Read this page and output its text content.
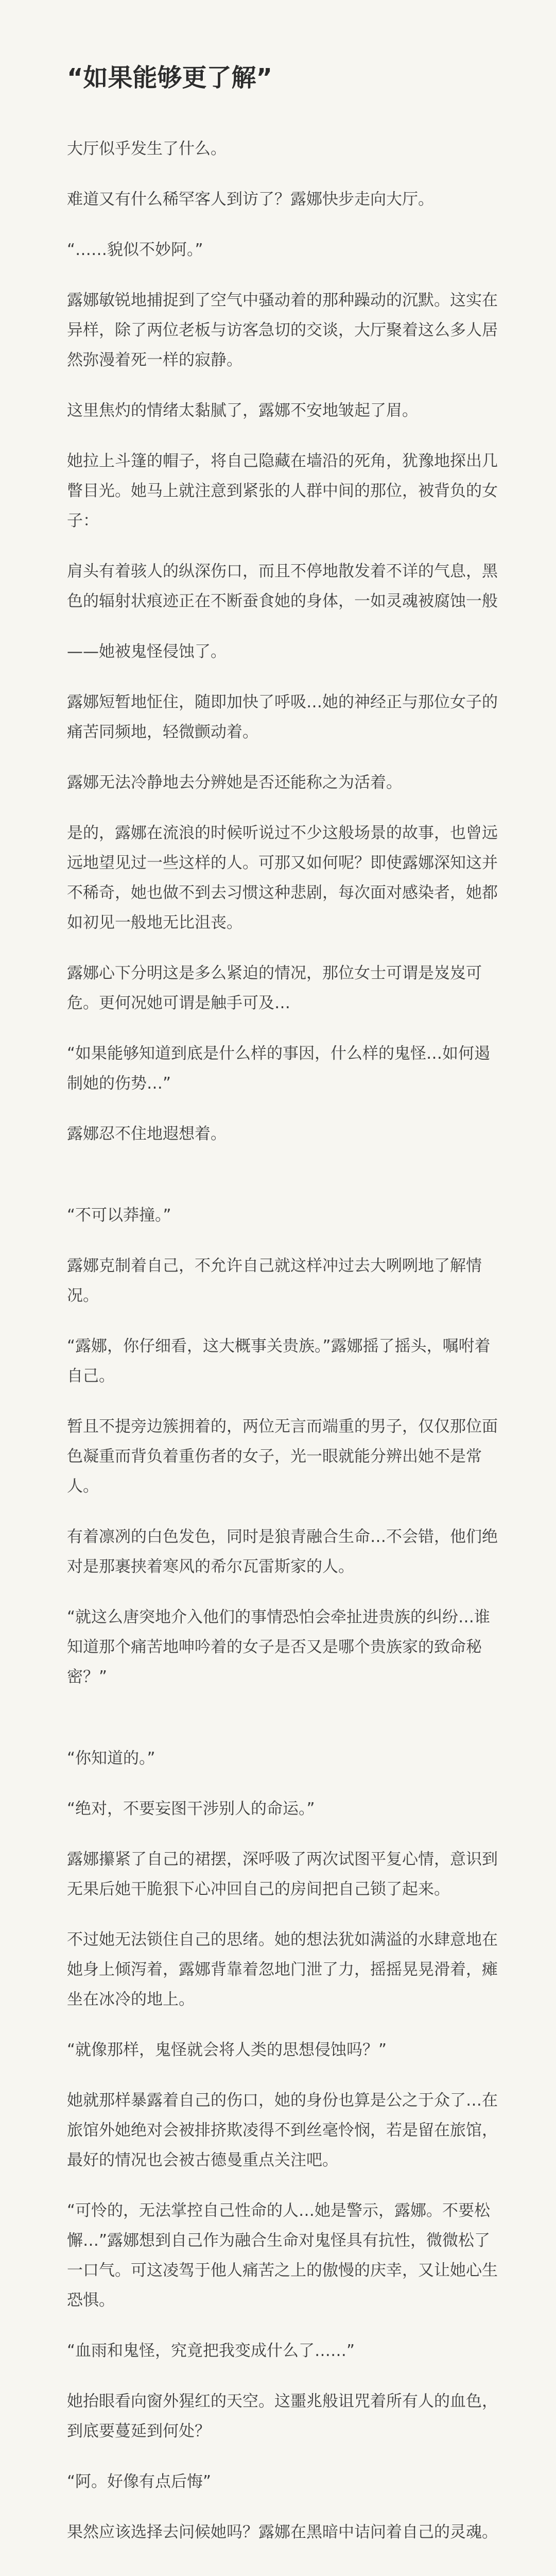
“如果能够更了解”

大厅似乎发生了什么。

难道又有什么稀罕客人到访了？露娜快步走向大厅。

“……貌似不妙阿。”

露娜敏锐地捕捉到了空气中骚动着的那种躁动的沉默。这实在异样，除了两位老板与访客急切的交谈，大厅聚着这么多人居然弥漫着死一样的寂静。

这里焦灼的情绪太黏腻了，露娜不安地皱起了眉。

她拉上斗篷的帽子，将自己隐藏在墙沿的死角，犹豫地探出几瞥目光。她马上就注意到紧张的人群中间的那位，被背负的女子：

肩头有着骇人的纵深伤口，而且不停地散发着不详的气息，黑色的辐射状痕迹正在不断蚕食她的身体，一如灵魂被腐蚀一般

——她被鬼怪侵蚀了。

露娜短暂地怔住，随即加快了呼吸…她的神经正与那位女子的痛苦同频地，轻微颤动着。

露娜无法冷静地去分辨她是否还能称之为活着。

是的，露娜在流浪的时候听说过不少这般场景的故事，也曾远远地望见过一些这样的人。可那又如何呢？即使露娜深知这并不稀奇，她也做不到去习惯这种悲剧，每次面对感染者，她都如初见一般地无比沮丧。

露娜心下分明这是多么紧迫的情况，那位女士可谓是岌岌可危。更何况她可谓是触手可及…

“如果能够知道到底是什么样的事因，什么样的鬼怪…如何遏制她的伤势…”

露娜忍不住地遐想着。

“不可以莽撞。”

露娜克制着自己，不允许自己就这样冲过去大咧咧地了解情况。

“露娜，你仔细看，这大概事关贵族。”露娜摇了摇头，嘱咐着自己。

暂且不提旁边簇拥着的，两位无言而端重的男子，仅仅那位面色凝重而背负着重伤者的女子，光一眼就能分辨出她不是常人。

有着凛冽的白色发色，同时是狼青融合生命…不会错，他们绝对是那裹挟着寒风的希尔瓦雷斯家的人。

“就这么唐突地介入他们的事情恐怕会牵扯进贵族的纠纷…谁知道那个痛苦地呻吟着的女子是否又是哪个贵族家的致命秘密？”

“你知道的。”

“绝对，不要妄图干涉别人的命运。”

露娜攥紧了自己的裙摆，深呼吸了两次试图平复心情，意识到无果后她干脆狠下心冲回自己的房间把自己锁了起来。

不过她无法锁住自己的思绪。她的想法犹如满溢的水肆意地在她身上倾泻着，露娜背靠着忽地门泄了力，摇摇晃晃滑着，瘫坐在冰冷的地上。

“就像那样，鬼怪就会将人类的思想侵蚀吗？”

她就那样暴露着自己的伤口，她的身份也算是公之于众了…在旅馆外她绝对会被排挤欺凌得不到丝毫怜悯，若是留在旅馆，最好的情况也会被古德曼重点关注吧。

“可怜的，无法掌控自己性命的人…她是警示，露娜。不要松懈…”露娜想到自己作为融合生命对鬼怪具有抗性，微微松了一口气。可这凌驾于他人痛苦之上的傲慢的庆幸，又让她心生恐惧。

“血雨和鬼怪，究竟把我变成什么了……”

她抬眼看向窗外猩红的天空。这噩兆般诅咒着所有人的血色，到底要蔓延到何处？

“阿。好像有点后悔”

果然应该选择去问候她吗？露娜在黑暗中诘问着自己的灵魂。
